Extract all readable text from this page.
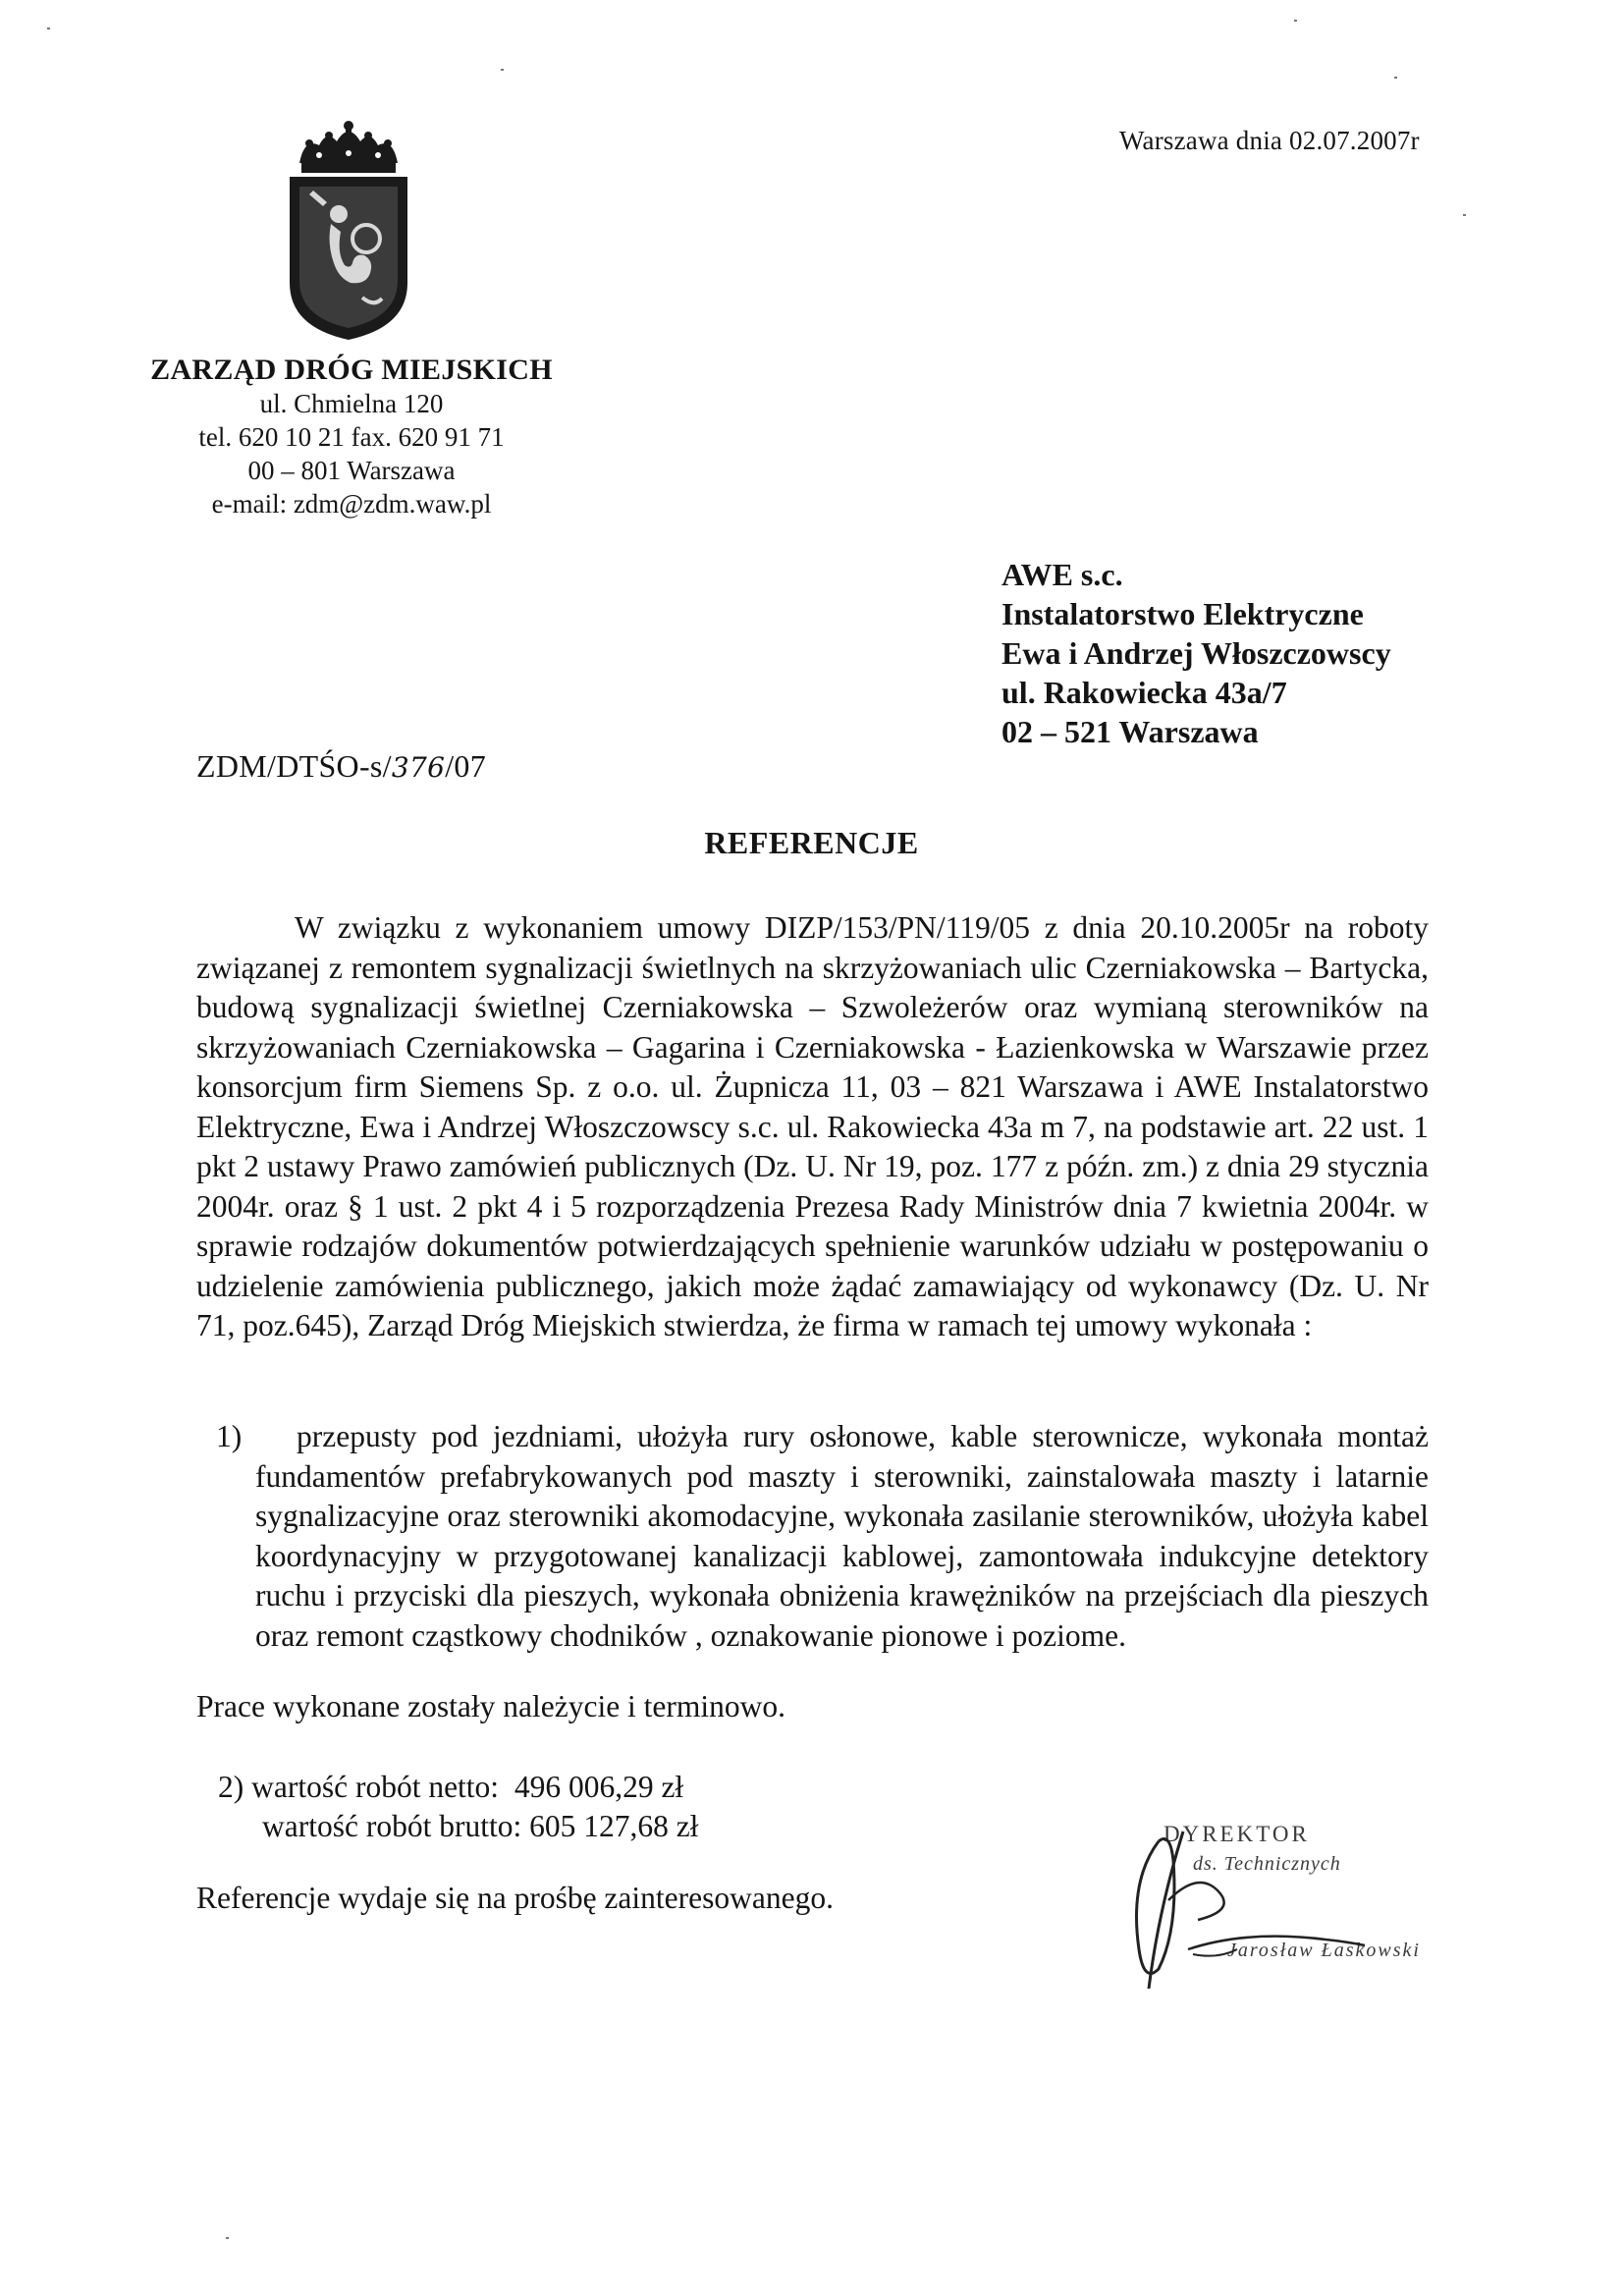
Warszawa dnia 02.07.2007r
ZARZĄD DRÓG MIEJSKICH
ul. Chmielna 120
tel. 620 10 21 fax. 620 91 71
00 – 801 Warszawa
e-mail: zdm@zdm.waw.pl
AWE s.c.
Instalatorstwo Elektryczne
Ewa i Andrzej Włoszczowscy
ul. Rakowiecka 43a/7
02 – 521 Warszawa
ZDM/DTŚO-s/376/07
REFERENCJE
W związku z wykonaniem umowy DIZP/153/PN/119/05 z dnia 20.10.2005r na roboty związanej z remontem sygnalizacji świetlnych na skrzyżowaniach ulic Czerniakowska – Bartycka, budową sygnalizacji świetlnej Czerniakowska – Szwoleżerów oraz wymianą sterowników na skrzyżowaniach Czerniakowska – Gagarina i Czerniakowska - Łazienkowska w Warszawie przez konsorcjum firm Siemens Sp. z o.o. ul. Żupnicza 11, 03 – 821 Warszawa i AWE Instalatorstwo Elektryczne, Ewa i Andrzej Włoszczowscy s.c. ul. Rakowiecka 43a m 7, na podstawie art. 22 ust. 1 pkt 2 ustawy Prawo zamówień publicznych (Dz. U. Nr 19, poz. 177 z późn. zm.) z dnia 29 stycznia 2004r. oraz § 1 ust. 2 pkt 4 i 5 rozporządzenia Prezesa Rady Ministrów dnia 7 kwietnia 2004r. w sprawie rodzajów dokumentów potwierdzających spełnienie warunków udziału w postępowaniu o udzielenie zamówienia publicznego, jakich może żądać zamawiający od wykonawcy (Dz. U. Nr 71, poz.645), Zarząd Dróg Miejskich stwierdza, że firma w ramach tej umowy wykonała :
1)	przepusty pod jezdniami, ułożyła rury osłonowe, kable sterownicze, wykonała montaż fundamentów prefabrykowanych pod maszty i sterowniki, zainstalowała maszty i latarnie sygnalizacyjne oraz sterowniki akomodacyjne, wykonała zasilanie sterowników, ułożyła kabel koordynacyjny w przygotowanej kanalizacji kablowej, zamontowała indukcyjne detektory ruchu i przyciski dla pieszych, wykonała obniżenia krawężników na przejściach dla pieszych oraz remont cząstkowy chodników , oznakowanie pionowe i poziome.
Prace wykonane zostały należycie i terminowo.
2) wartość robót netto: 496 006,29 zł
wartość robót brutto: 605 127,68 zł
Referencje wydaje się na prośbę zainteresowanego.
DYREKTOR
ds. Technicznych
Jarosław Łaskowski
